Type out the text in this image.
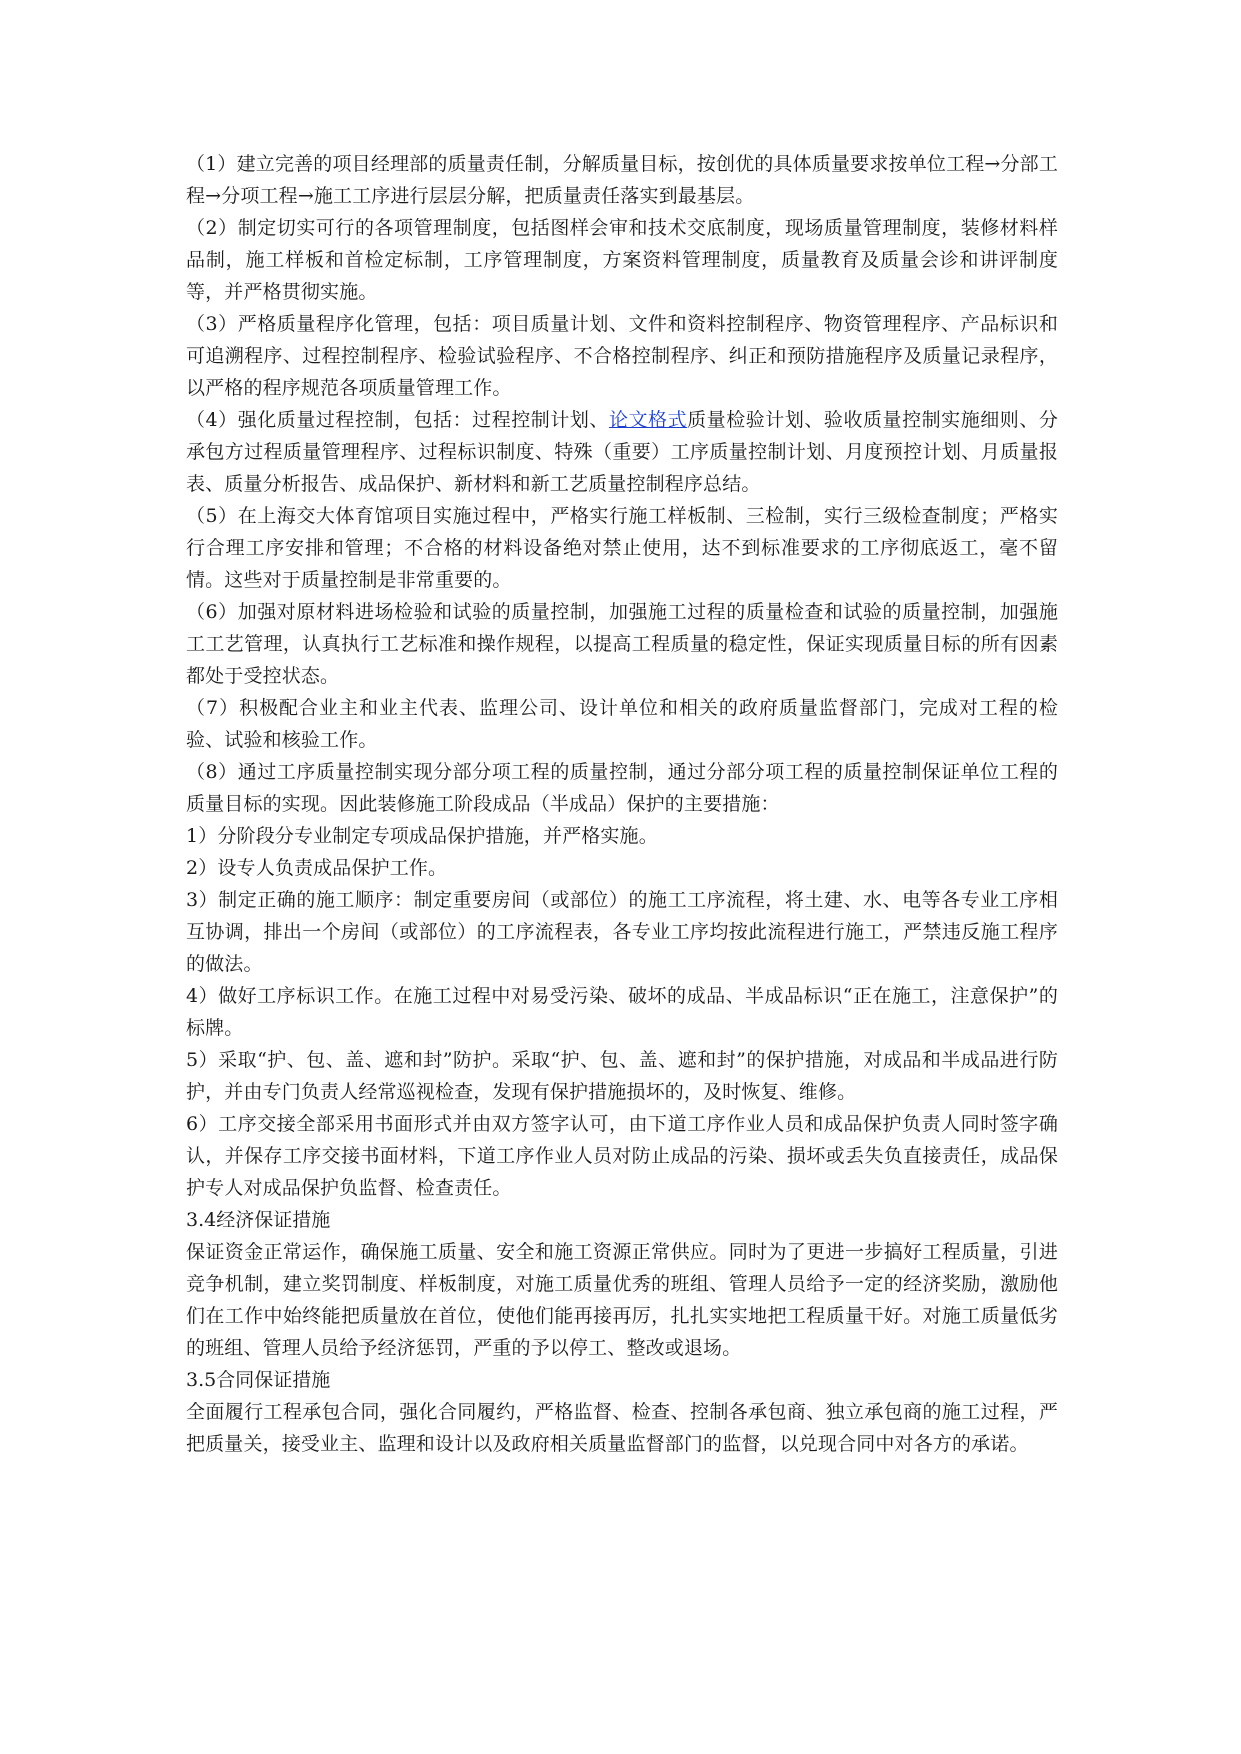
（1）建立完善的项目经理部的质量责任制，分解质量目标，按创优的具体质量要求按单位工程→分部工程→分项工程→施工工序进行层层分解，把质量责任落实到最基层。

（2）制定切实可行的各项管理制度，包括图样会审和技术交底制度，现场质量管理制度，装修材料样品制，施工样板和首检定标制，工序管理制度，方案资料管理制度，质量教育及质量会诊和讲评制度等，并严格贯彻实施。

（3）严格质量程序化管理，包括：项目质量计划、文件和资料控制程序、物资管理程序、产品标识和可追溯程序、过程控制程序、检验试验程序、不合格控制程序、纠正和预防措施程序及质量记录程序，以严格的程序规范各项质量管理工作。

（4）强化质量过程控制，包括：过程控制计划、论文格式质量检验计划、验收质量控制实施细则、分承包方过程质量管理程序、过程标识制度、特殊（重要）工序质量控制计划、月度预控计划、月质量报表、质量分析报告、成品保护、新材料和新工艺质量控制程序总结。

（5）在上海交大体育馆项目实施过程中，严格实行施工样板制、三检制，实行三级检查制度；严格实行合理工序安排和管理；不合格的材料设备绝对禁止使用，达不到标准要求的工序彻底返工，毫不留情。这些对于质量控制是非常重要的。

（6）加强对原材料进场检验和试验的质量控制，加强施工过程的质量检查和试验的质量控制，加强施工工艺管理，认真执行工艺标准和操作规程，以提高工程质量的稳定性，保证实现质量目标的所有因素都处于受控状态。

（7）积极配合业主和业主代表、监理公司、设计单位和相关的政府质量监督部门，完成对工程的检验、试验和核验工作。

（8）通过工序质量控制实现分部分项工程的质量控制，通过分部分项工程的质量控制保证单位工程的质量目标的实现。因此装修施工阶段成品（半成品）保护的主要措施：

1）分阶段分专业制定专项成品保护措施，并严格实施。

2）设专人负责成品保护工作。

3）制定正确的施工顺序：制定重要房间（或部位）的施工工序流程，将土建、水、电等各专业工序相互协调，排出一个房间（或部位）的工序流程表，各专业工序均按此流程进行施工，严禁违反施工程序的做法。

4）做好工序标识工作。在施工过程中对易受污染、破坏的成品、半成品标识“正在施工，注意保护”的标牌。

5）采取“护、包、盖、遮和封”防护。采取“护、包、盖、遮和封”的保护措施，对成品和半成品进行防护，并由专门负责人经常巡视检查，发现有保护措施损坏的，及时恢复、维修。

6）工序交接全部采用书面形式并由双方签字认可，由下道工序作业人员和成品保护负责人同时签字确认，并保存工序交接书面材料，下道工序作业人员对防止成品的污染、损坏或丢失负直接责任，成品保护专人对成品保护负监督、检查责任。

3.4经济保证措施

保证资金正常运作，确保施工质量、安全和施工资源正常供应。同时为了更进一步搞好工程质量，引进竞争机制，建立奖罚制度、样板制度，对施工质量优秀的班组、管理人员给予一定的经济奖励，激励他们在工作中始终能把质量放在首位，使他们能再接再厉，扎扎实实地把工程质量干好。对施工质量低劣的班组、管理人员给予经济惩罚，严重的予以停工、整改或退场。

3.5合同保证措施

全面履行工程承包合同，强化合同履约，严格监督、检查、控制各承包商、独立承包商的施工过程，严把质量关，接受业主、监理和设计以及政府相关质量监督部门的监督，以兑现合同中对各方的承诺。
